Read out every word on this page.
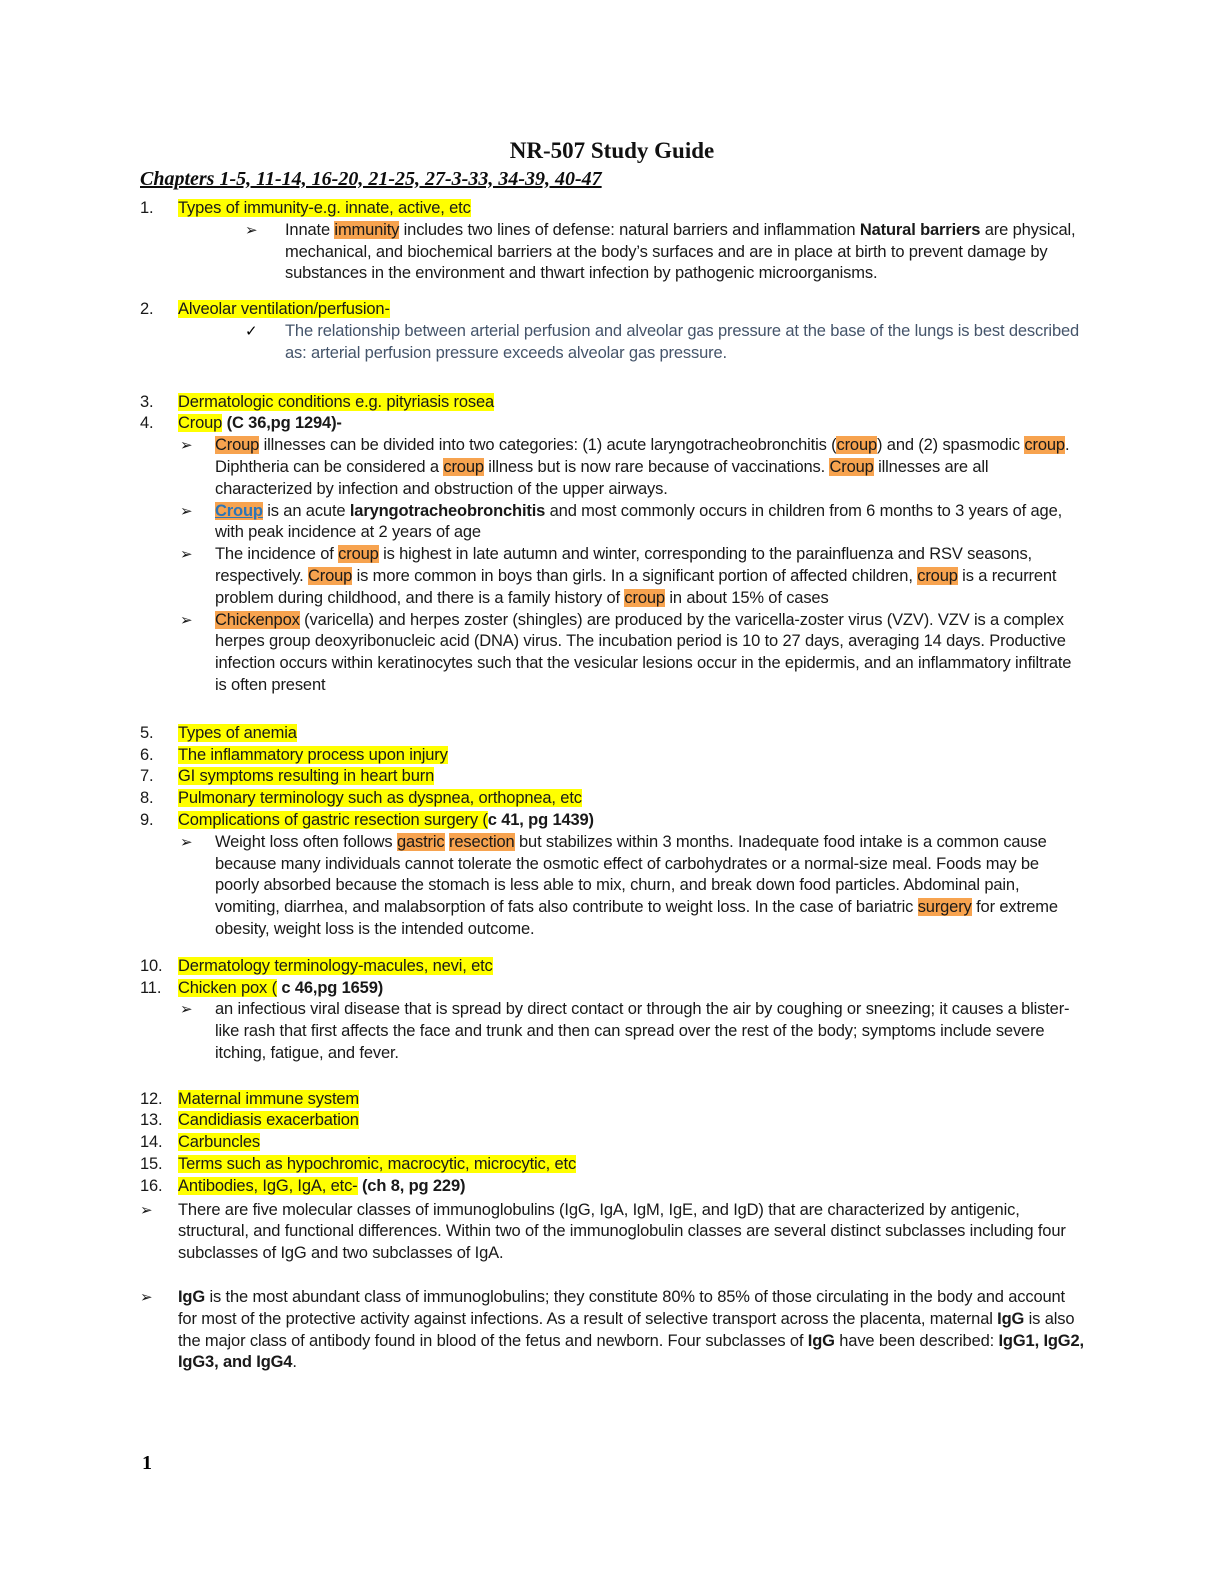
NR-507 Study Guide
Chapters 1-5, 11-14, 16-20, 21-25, 27-3-33, 34-39, 40-47
1.	Types of immunity-e.g. innate, active, etc
➢	Innate immunity includes two lines of defense: natural barriers and inflammation Natural barriers are physical, mechanical, and biochemical barriers at the body’s surfaces and are in place at birth to prevent damage by substances in the environment and thwart infection by pathogenic microorganisms.
2.	Alveolar ventilation/perfusion-
✓	The relationship between arterial perfusion and alveolar gas pressure at the base of the lungs is best described as: arterial perfusion pressure exceeds alveolar gas pressure.
3.	Dermatologic conditions e.g. pityriasis rosea
4.	Croup (C 36,pg 1294)-
➢	Croup illnesses can be divided into two categories: (1) acute laryngotracheobronchitis (croup) and (2) spasmodic croup. Diphtheria can be considered a croup illness but is now rare because of vaccinations. Croup illnesses are all characterized by infection and obstruction of the upper airways.
➢	Croup is an acute laryngotracheobronchitis and most commonly occurs in children from 6 months to 3 years of age, with peak incidence at 2 years of age
➢	The incidence of croup is highest in late autumn and winter, corresponding to the parainfluenza and RSV seasons, respectively. Croup is more common in boys than girls. In a significant portion of affected children, croup is a recurrent problem during childhood, and there is a family history of croup in about 15% of cases
➢	Chickenpox (varicella) and herpes zoster (shingles) are produced by the varicella-zoster virus (VZV). VZV is a complex herpes group deoxyribonucleic acid (DNA) virus. The incubation period is 10 to 27 days, averaging 14 days. Productive infection occurs within keratinocytes such that the vesicular lesions occur in the epidermis, and an inflammatory infiltrate is often present
5.	Types of anemia
6.	The inflammatory process upon injury
7.	GI symptoms resulting in heart burn
8.	Pulmonary terminology such as dyspnea, orthopnea, etc
9.	Complications of gastric resection surgery (c 41, pg 1439)
➢	Weight loss often follows gastric resection but stabilizes within 3 months. Inadequate food intake is a common cause because many individuals cannot tolerate the osmotic effect of carbohydrates or a normal-size meal. Foods may be poorly absorbed because the stomach is less able to mix, churn, and break down food particles. Abdominal pain, vomiting, diarrhea, and malabsorption of fats also contribute to weight loss. In the case of bariatric surgery for extreme obesity, weight loss is the intended outcome.
10. Dermatology terminology-macules, nevi, etc
11.	Chicken pox ( c 46,pg 1659)
➢	an infectious viral disease that is spread by direct contact or through the air by coughing or sneezing; it causes a blister-like rash that first affects the face and trunk and then can spread over the rest of the body; symptoms include severe itching, fatigue, and fever.
12. Maternal immune system
13. Candidiasis exacerbation
14. Carbuncles
15. Terms such as hypochromic, macrocytic, microcytic, etc
16. Antibodies, IgG, IgA, etc- (ch 8, pg 229)
➢	There are five molecular classes of immunoglobulins (IgG, IgA, IgM, IgE, and IgD) that are characterized by antigenic, structural, and functional differences. Within two of the immunoglobulin classes are several distinct subclasses including four subclasses of IgG and two subclasses of IgA.
➢	IgG is the most abundant class of immunoglobulins; they constitute 80% to 85% of those circulating in the body and account for most of the protective activity against infections. As a result of selective transport across the placenta, maternal IgG is also the major class of antibody found in blood of the fetus and newborn. Four subclasses of IgG have been described: IgG1, IgG2, IgG3, and IgG4.
1
